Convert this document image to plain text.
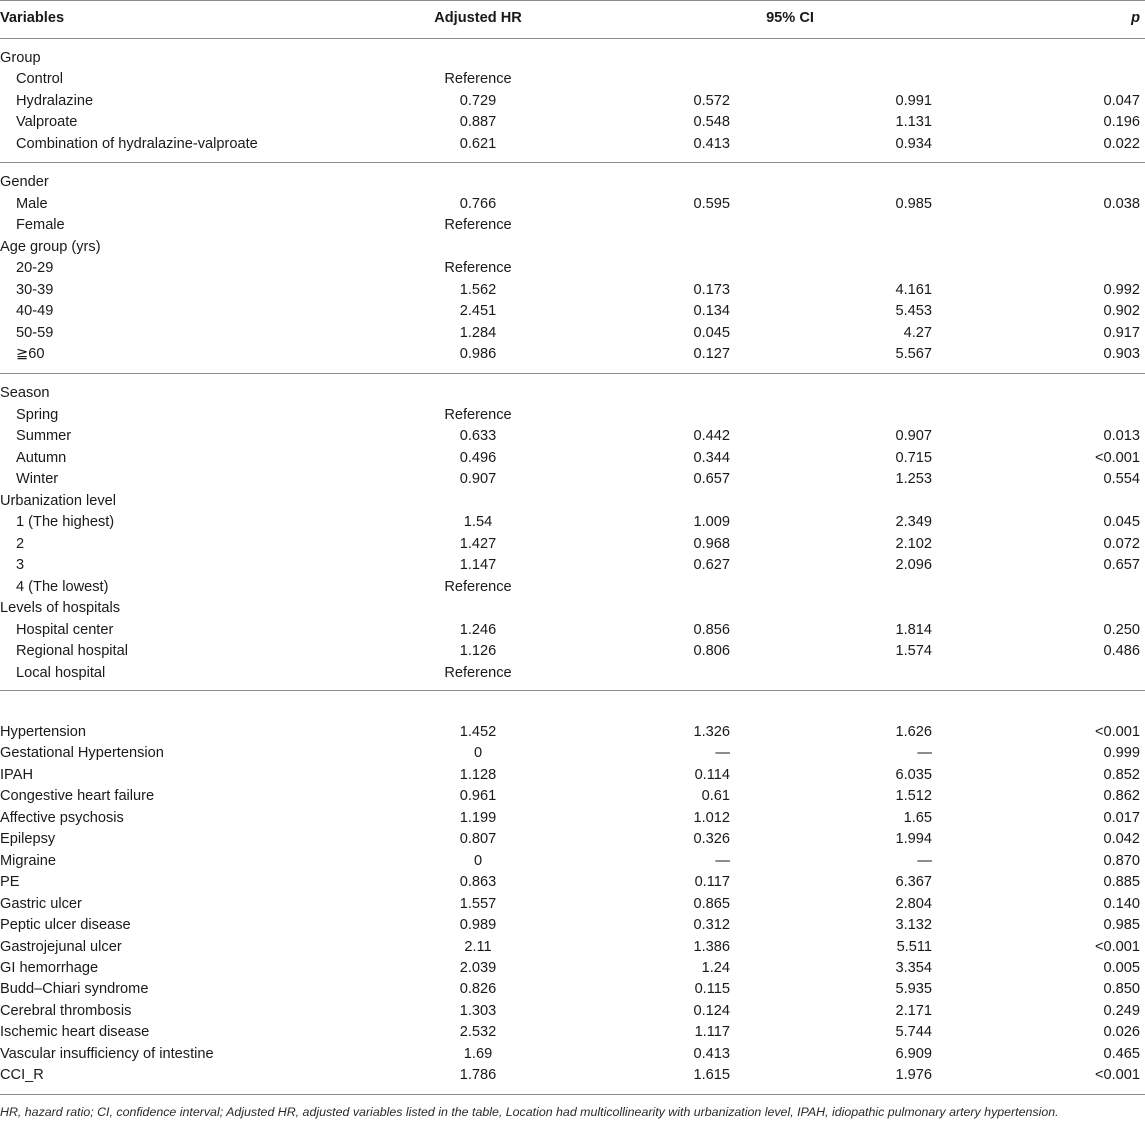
Variables	Adjusted HR	95% CI	p
Group
Control	Reference
Hydralazine	0.729	0.572	0.991	0.047
Valproate	0.887	0.548	1.131	0.196
Combination of hydralazine-valproate	0.621	0.413	0.934	0.022
Gender
Male	0.766	0.595	0.985	0.038
Female	Reference
Age group (yrs)
20-29	Reference
30-39	1.562	0.173	4.161	0.992
40-49	2.451	0.134	5.453	0.902
50-59	1.284	0.045	4.27	0.917
≧60	0.986	0.127	5.567	0.903
Season
Spring	Reference
Summer	0.633	0.442	0.907	0.013
Autumn	0.496	0.344	0.715	<0.001
Winter	0.907	0.657	1.253	0.554
Urbanization level
1 (The highest)	1.54	1.009	2.349	0.045
2	1.427	0.968	2.102	0.072
3	1.147	0.627	2.096	0.657
4 (The lowest)	Reference
Levels of hospitals
Hospital center	1.246	0.856	1.814	0.250
Regional hospital	1.126	0.806	1.574	0.486
Local hospital	Reference
Hypertension	1.452	1.326	1.626	<0.001
Gestational Hypertension	0	—	—	0.999
IPAH	1.128	0.114	6.035	0.852
Congestive heart failure	0.961	0.61	1.512	0.862
Affective psychosis	1.199	1.012	1.65	0.017
Epilepsy	0.807	0.326	1.994	0.042
Migraine	0	—	—	0.870
PE	0.863	0.117	6.367	0.885
Gastric ulcer	1.557	0.865	2.804	0.140
Peptic ulcer disease	0.989	0.312	3.132	0.985
Gastrojejunal ulcer	2.11	1.386	5.511	<0.001
GI hemorrhage	2.039	1.24	3.354	0.005
Budd–Chiari syndrome	0.826	0.115	5.935	0.850
Cerebral thrombosis	1.303	0.124	2.171	0.249
Ischemic heart disease	2.532	1.117	5.744	0.026
Vascular insufficiency of intestine	1.69	0.413	6.909	0.465
CCI_R	1.786	1.615	1.976	<0.001
HR, hazard ratio; CI, confidence interval; Adjusted HR, adjusted variables listed in the table, Location had multicollinearity with urbanization level, IPAH, idiopathic pulmonary artery hypertension.
